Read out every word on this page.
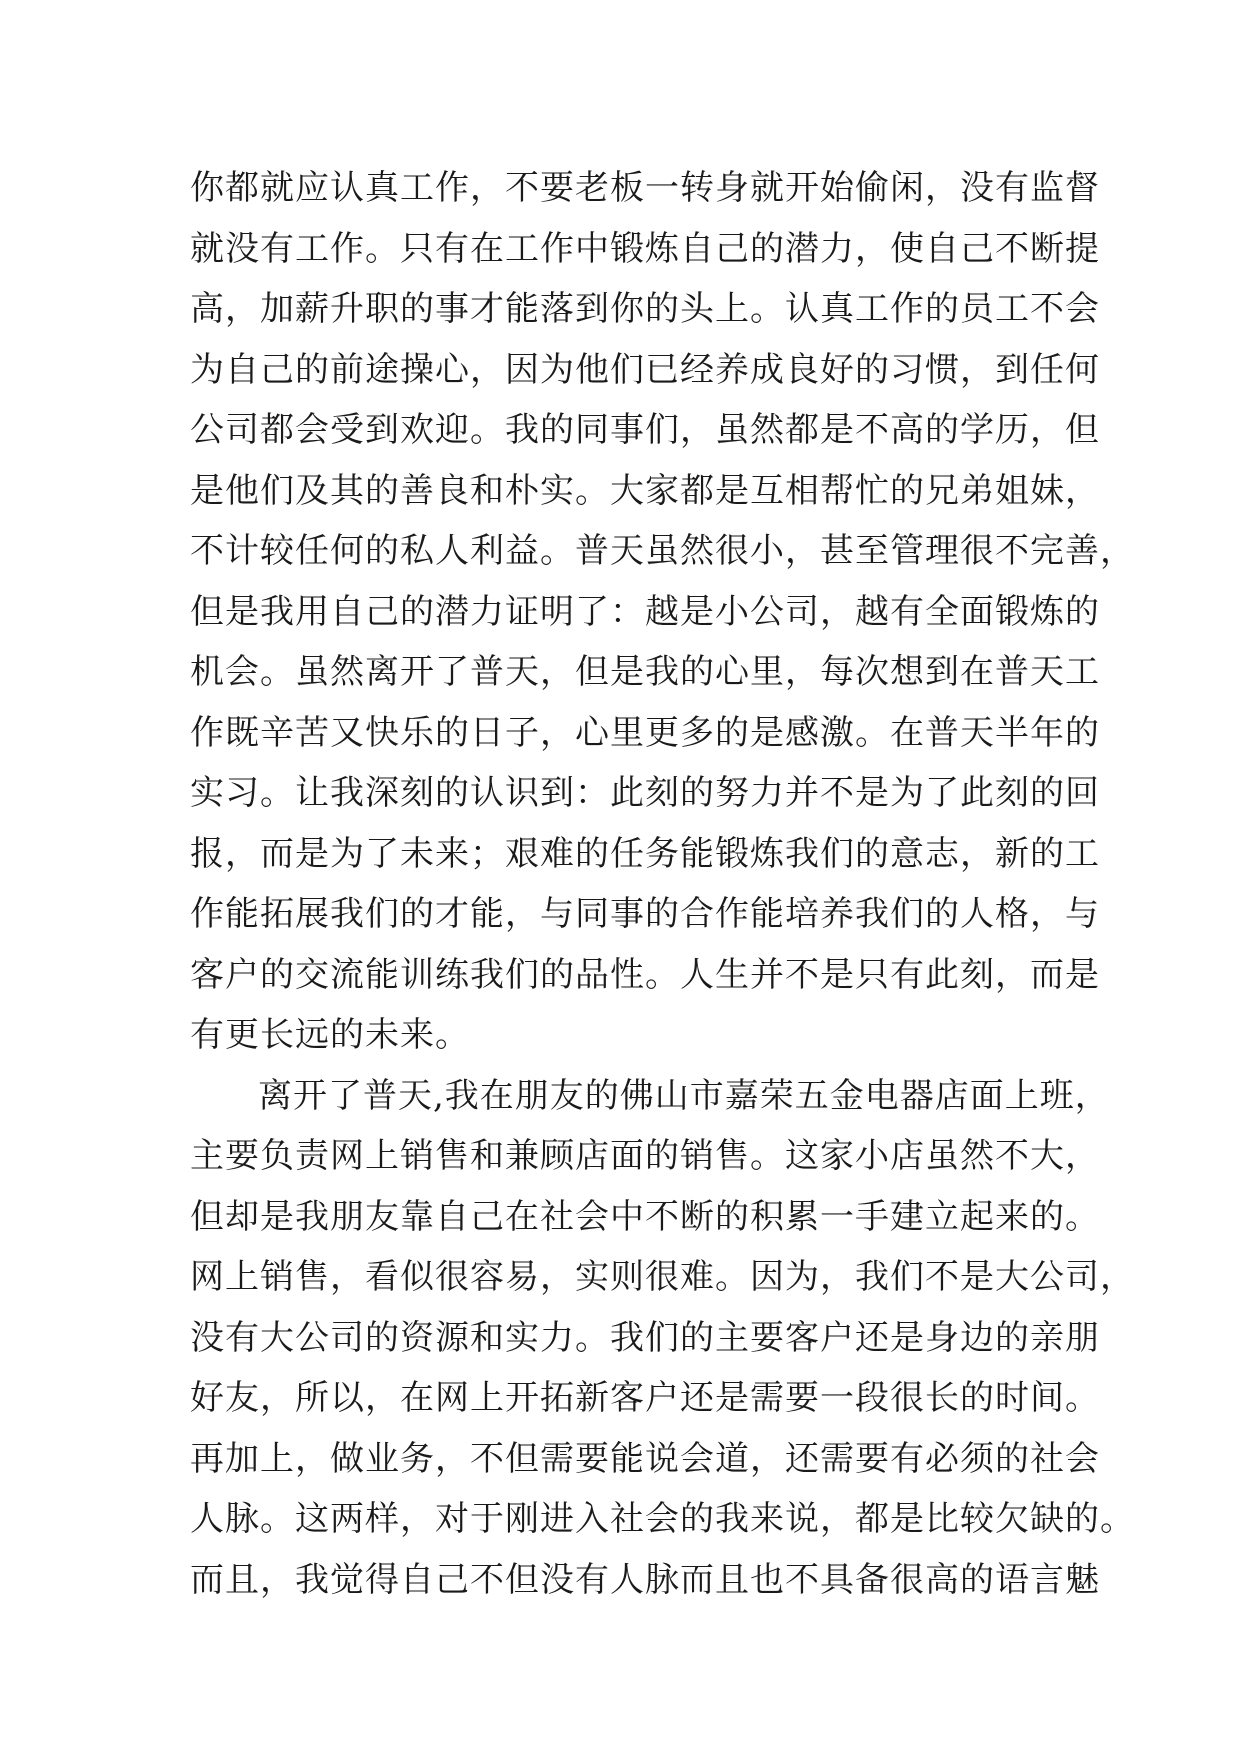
你都就应认真工作，不要老板一转身就开始偷闲，没有监督
就没有工作。只有在工作中锻炼自己的潜力，使自己不断提
高，加薪升职的事才能落到你的头上。认真工作的员工不会
为自己的前途操心，因为他们已经养成良好的习惯，到任何
公司都会受到欢迎。我的同事们，虽然都是不高的学历，但
是他们及其的善良和朴实。大家都是互相帮忙的兄弟姐妹，
不计较任何的私人利益。普天虽然很小，甚至管理很不完善，
但是我用自己的潜力证明了：越是小公司，越有全面锻炼的
机会。虽然离开了普天，但是我的心里，每次想到在普天工
作既辛苦又快乐的日子，心里更多的是感激。在普天半年的
实习。让我深刻的认识到：此刻的努力并不是为了此刻的回
报，而是为了未来；艰难的任务能锻炼我们的意志，新的工
作能拓展我们的才能，与同事的合作能培养我们的人格，与
客户的交流能训练我们的品性。人生并不是只有此刻，而是
有更长远的未来。
离开了普天,我在朋友的佛山市嘉荣五金电器店面上班，
主要负责网上销售和兼顾店面的销售。这家小店虽然不大，
但却是我朋友靠自己在社会中不断的积累一手建立起来的。
网上销售，看似很容易，实则很难。因为，我们不是大公司，
没有大公司的资源和实力。我们的主要客户还是身边的亲朋
好友，所以，在网上开拓新客户还是需要一段很长的时间。
再加上，做业务，不但需要能说会道，还需要有必须的社会
人脉。这两样，对于刚进入社会的我来说，都是比较欠缺的。
而且，我觉得自己不但没有人脉而且也不具备很高的语言魅
